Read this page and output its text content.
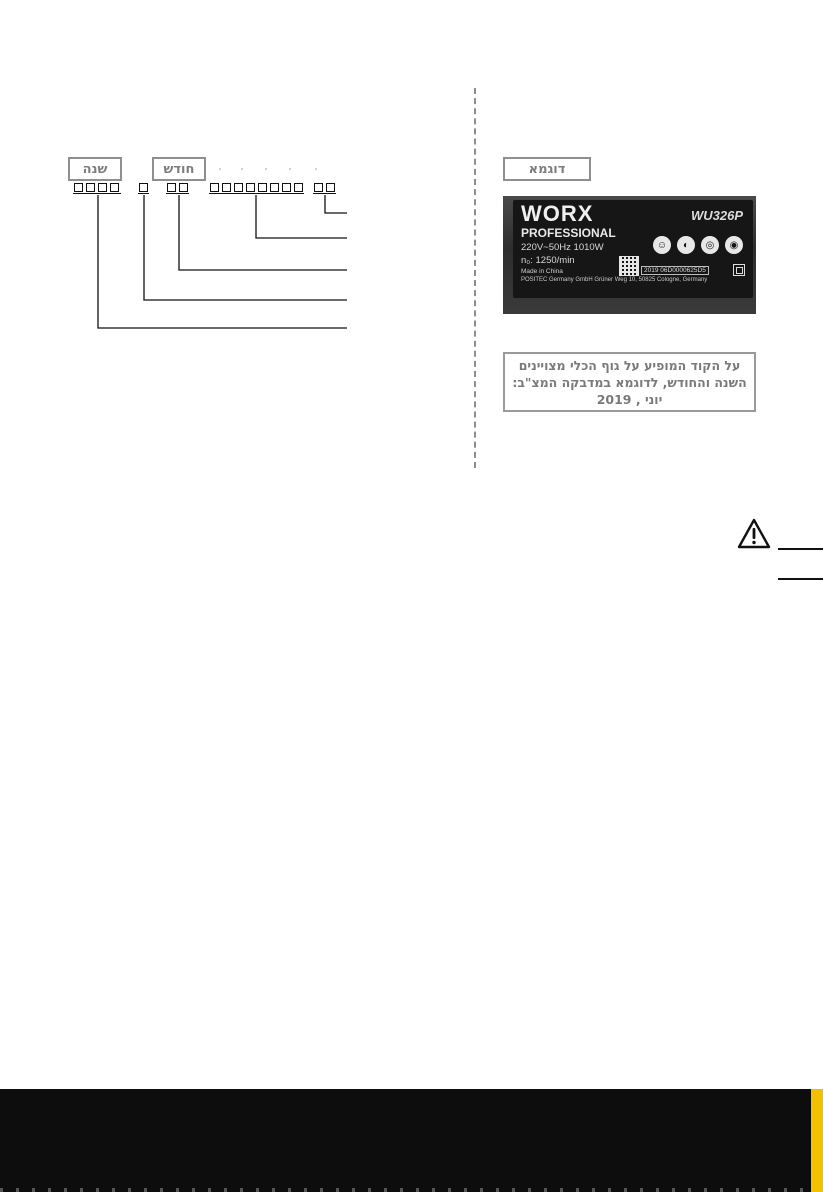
שנה	חודש	דוגמא
WORX	WU326P
PROFESSIONAL
220V~50Hz 1010W
n₀: 1250/min
Made in China
POSITEC Germany GmbH Grüner Weg 10, 50825 Cologne, Germany
2019 06D0000625D5
☺	◐	◎	◉
על הקוד המופיע על גוף הכלי מצויינים
השנה והחודש, לדוגמא במדבקה המצ"ב:
יוני , 2019
